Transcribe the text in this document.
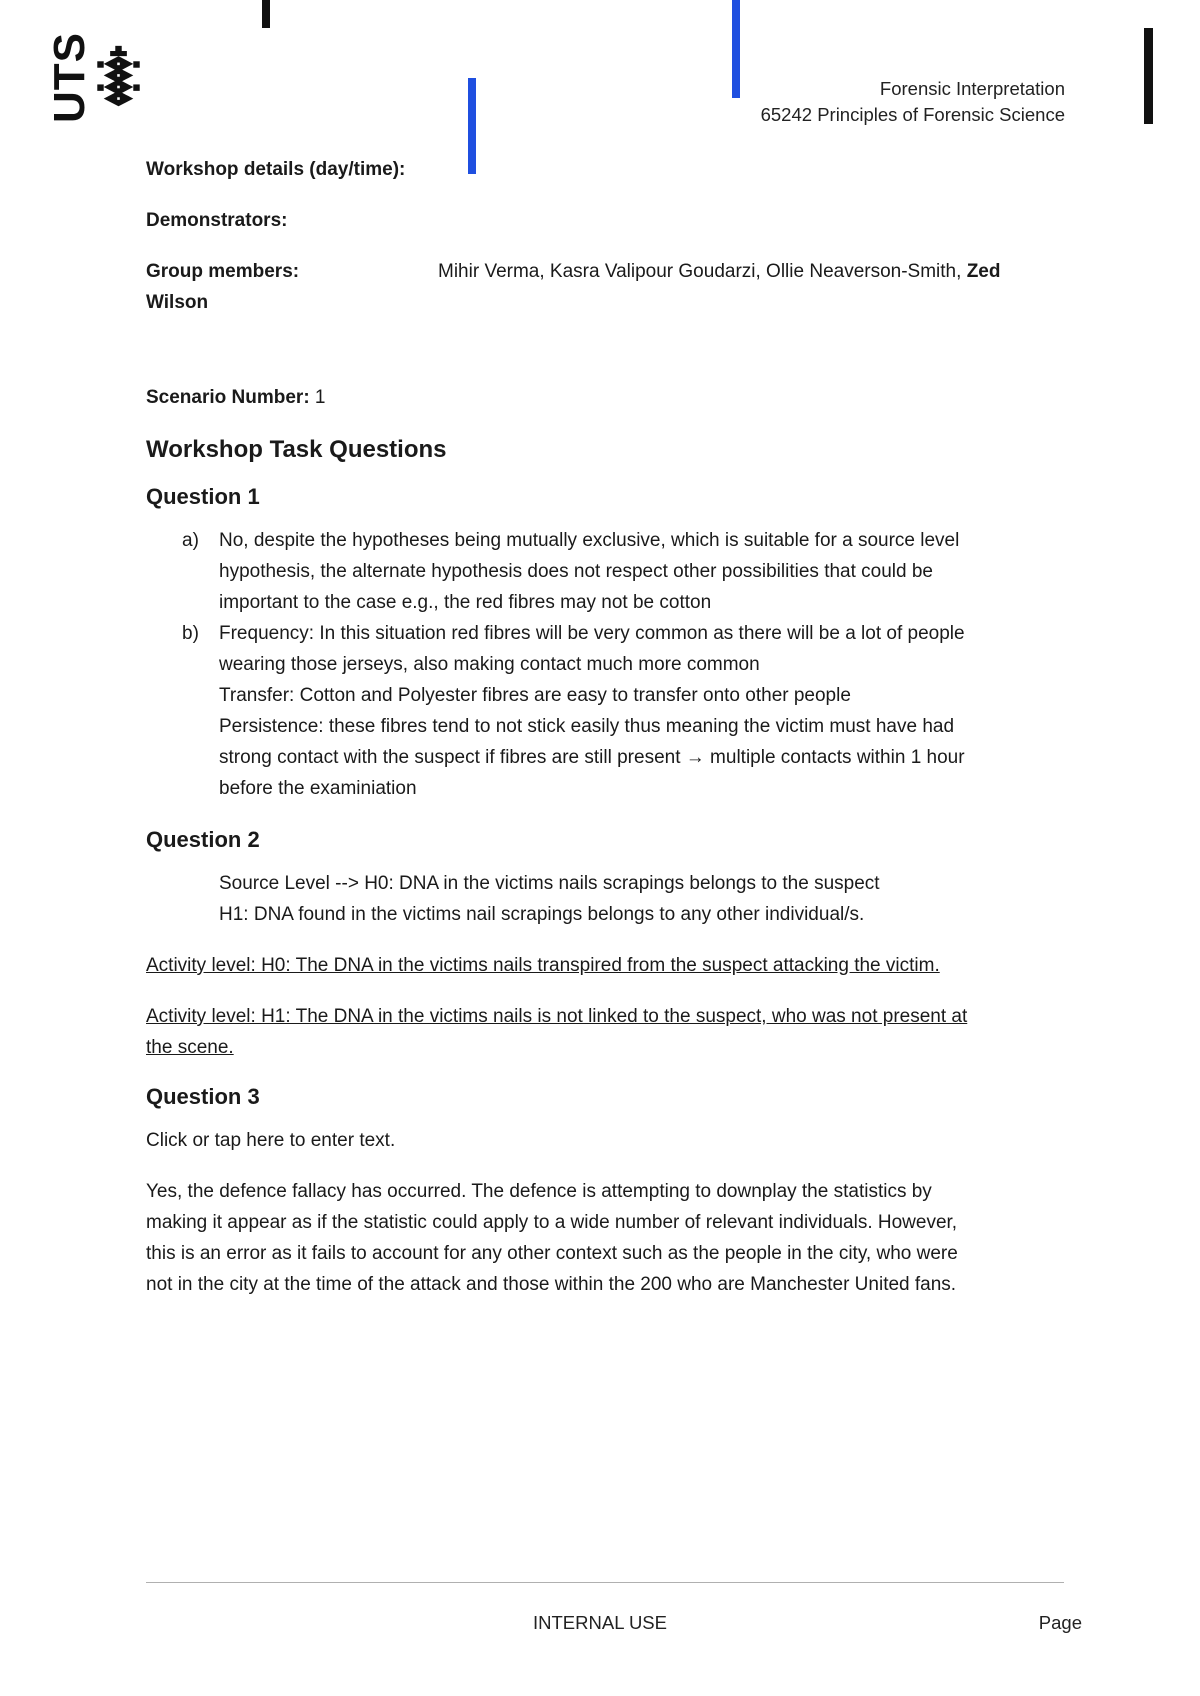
UTS	Forensic Interpretation
65242 Principles of Forensic Science
Workshop details (day/time):
Demonstrators:
Group members:	Mihir Verma, Kasra Valipour Goudarzi, Ollie Neaverson-Smith, Zed
Wilson
Scenario Number: 1
Workshop Task Questions
Question 1
a) No, despite the hypotheses being mutually exclusive, which is suitable for a source level
hypothesis, the alternate hypothesis does not respect other possibilities that could be
important to the case e.g., the red fibres may not be cotton
b) Frequency: In this situation red fibres will be very common as there will be a lot of people
wearing those jerseys, also making contact much more common
Transfer: Cotton and Polyester fibres are easy to transfer onto other people
Persistence: these fibres tend to not stick easily thus meaning the victim must have had
strong contact with the suspect if fibres are still present → multiple contacts within 1 hour
before the examiniation
Question 2
Source Level --> H0: DNA in the victims nails scrapings belongs to the suspect
H1: DNA found in the victims nail scrapings belongs to any other individual/s.
Activity level: H0: The DNA in the victims nails transpired from the suspect attacking the victim.
Activity level: H1: The DNA in the victims nails is not linked to the suspect, who was not present at
the scene.
Question 3
Click or tap here to enter text.
Yes, the defence fallacy has occurred. The defence is attempting to downplay the statistics by
making it appear as if the statistic could apply to a wide number of relevant individuals. However,
this is an error as it fails to account for any other context such as the people in the city, who were
not in the city at the time of the attack and those within the 200 who are Manchester United fans.
INTERNAL USE	Page
